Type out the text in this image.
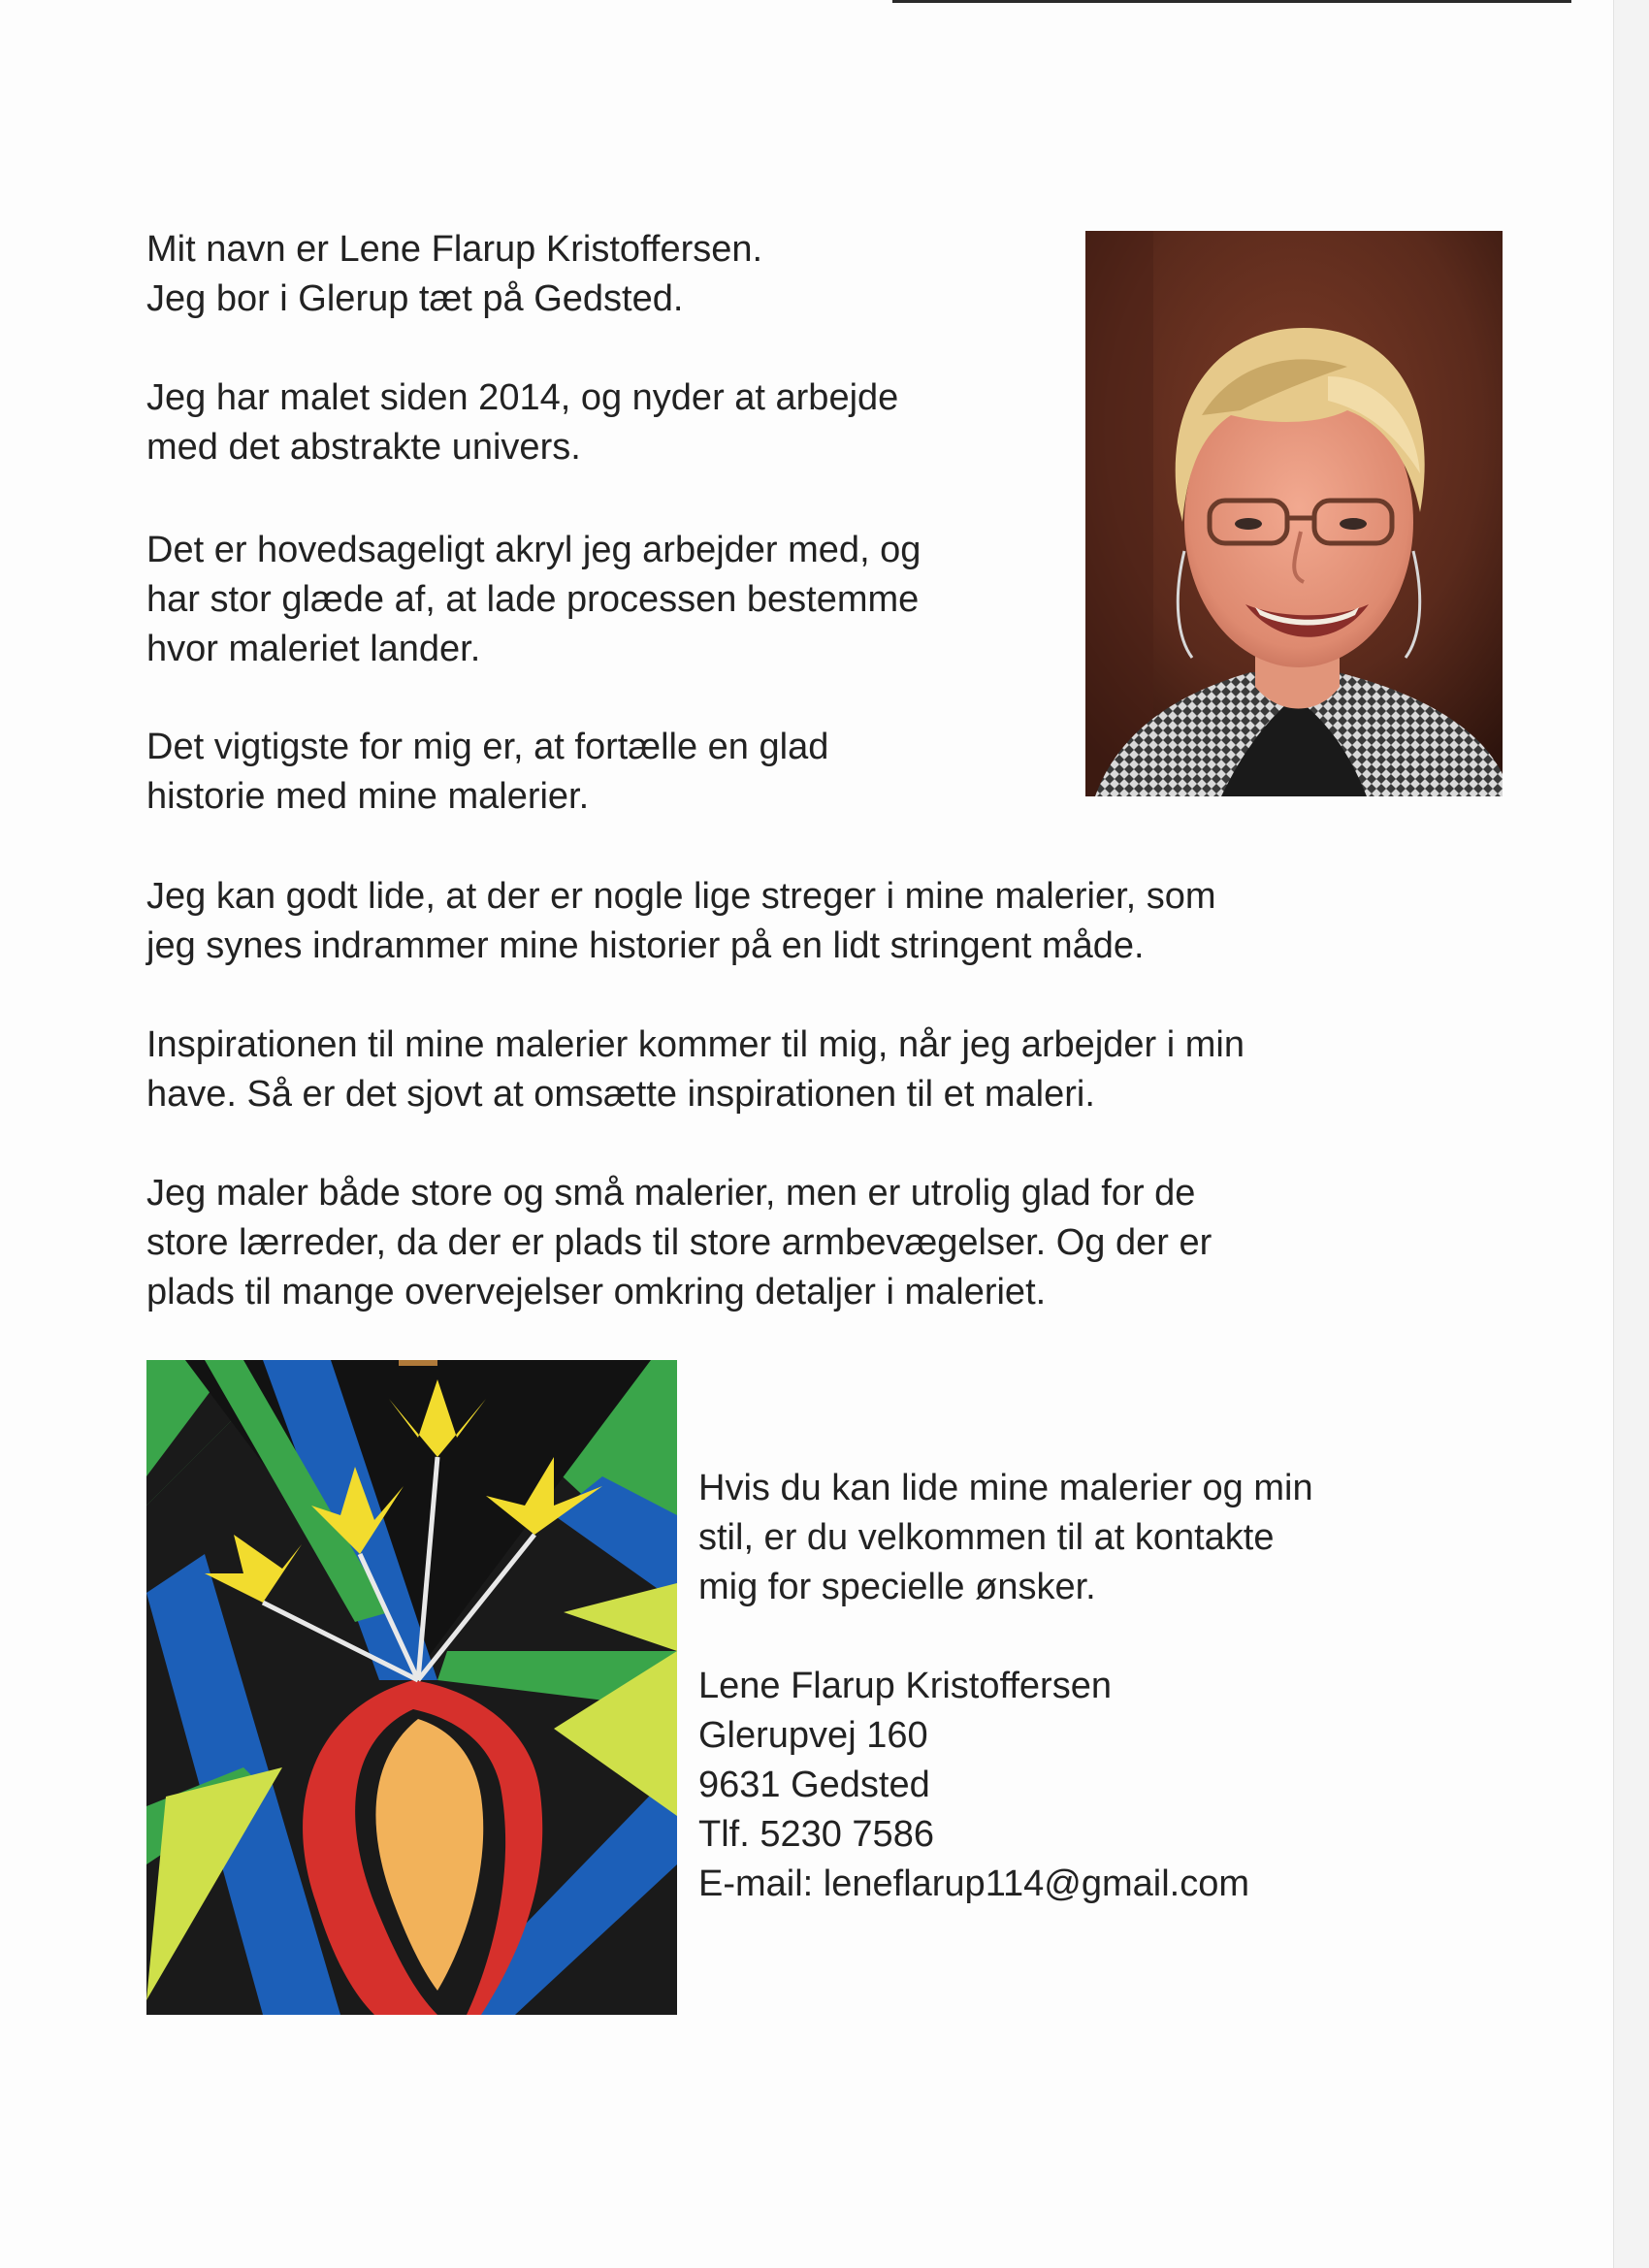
Mit navn er Lene Flarup Kristoffersen.
Jeg bor i Glerup tæt på Gedsted.

Jeg har malet siden 2014, og nyder at arbejde
med det abstrakte univers.

Det er hovedsageligt akryl jeg arbejder med, og
har stor glæde af, at lade processen bestemme
hvor maleriet lander.

Det vigtigste for mig er, at fortælle en glad
historie med mine malerier.

Jeg kan godt lide, at der er nogle lige streger i mine malerier, som
jeg synes indrammer mine historier på en lidt stringent måde.

Inspirationen til mine malerier kommer til mig, når jeg arbejder i min
have. Så er det sjovt at omsætte inspirationen til et maleri.

Jeg maler både store og små malerier, men er utrolig glad for de
store lærreder, da der er plads til store armbevægelser. Og der er
plads til mange overvejelser omkring detaljer i maleriet.

Hvis du kan lide mine malerier og min
stil, er du velkommen til at kontakte
mig for specielle ønsker.

Lene Flarup Kristoffersen
Glerupvej 160
9631 Gedsted
Tlf. 5230 7586
E-mail: leneflarup114@gmail.com
